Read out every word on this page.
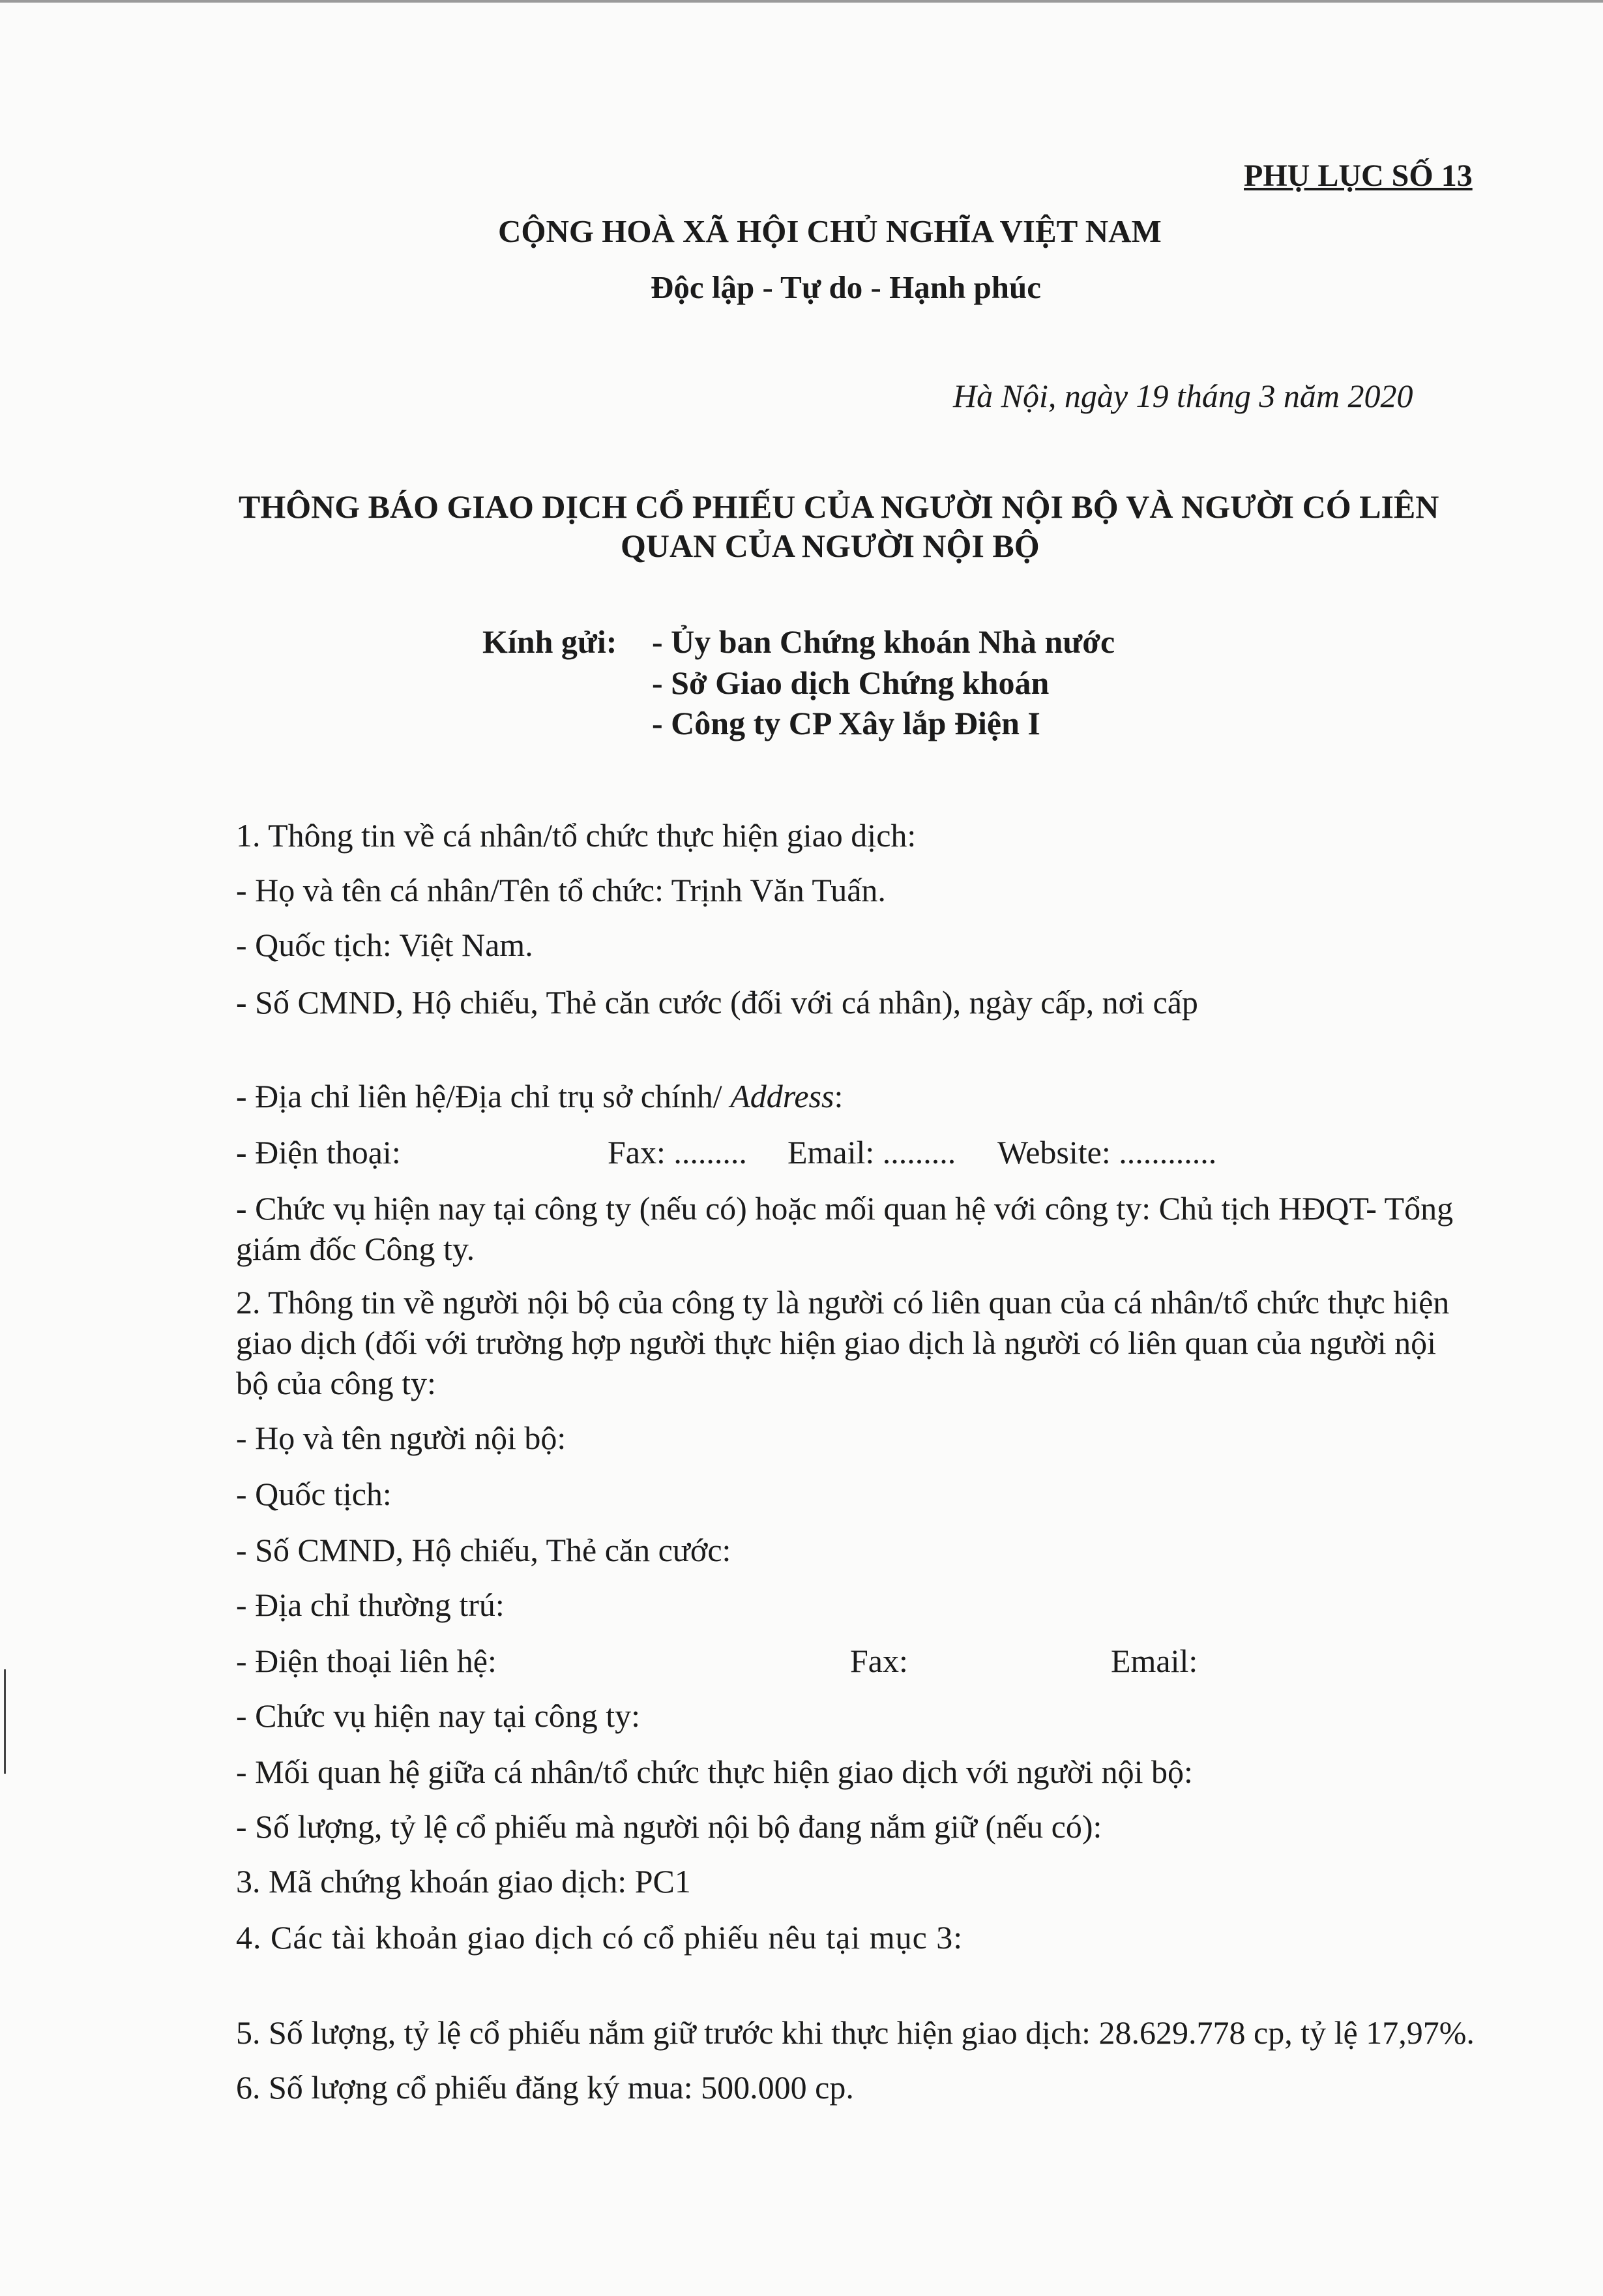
PHỤ LỤC SỐ 13
CỘNG HOÀ XÃ HỘI CHỦ NGHĨA VIỆT NAM
Độc lập - Tự do - Hạnh phúc
Hà Nội, ngày 19 tháng 3 năm 2020
THÔNG BÁO GIAO DỊCH CỔ PHIẾU CỦA NGƯỜI NỘI BỘ VÀ NGƯỜI CÓ LIÊN
QUAN CỦA NGƯỜI NỘI BỘ
Kính gửi: - Ủy ban Chứng khoán Nhà nước
- Sở Giao dịch Chứng khoán
- Công ty CP Xây lắp Điện I
1. Thông tin về cá nhân/tổ chức thực hiện giao dịch:
- Họ và tên cá nhân/Tên tổ chức: Trịnh Văn Tuấn.
- Quốc tịch: Việt Nam.
- Số CMND, Hộ chiếu, Thẻ căn cước (đối với cá nhân), ngày cấp, nơi cấp
- Địa chỉ liên hệ/Địa chỉ trụ sở chính/ Address:
- Điện thoại:	Fax: ......... Email: ......... Website: ............
- Chức vụ hiện nay tại công ty (nếu có) hoặc mối quan hệ với công ty: Chủ tịch HĐQT- Tổng
giám đốc Công ty.
2. Thông tin về người nội bộ của công ty là người có liên quan của cá nhân/tổ chức thực hiện
giao dịch (đối với trường hợp người thực hiện giao dịch là người có liên quan của người nội
bộ của công ty:
- Họ và tên người nội bộ:
- Quốc tịch:
- Số CMND, Hộ chiếu, Thẻ căn cước:
- Địa chỉ thường trú:
- Điện thoại liên hệ:	Fax:	Email:
- Chức vụ hiện nay tại công ty:
- Mối quan hệ giữa cá nhân/tổ chức thực hiện giao dịch với người nội bộ:
- Số lượng, tỷ lệ cổ phiếu mà người nội bộ đang nắm giữ (nếu có):
3. Mã chứng khoán giao dịch: PC1
4. Các tài khoản giao dịch có cổ phiếu nêu tại mục 3:
5. Số lượng, tỷ lệ cổ phiếu nắm giữ trước khi thực hiện giao dịch: 28.629.778 cp, tỷ lệ 17,97%.
6. Số lượng cổ phiếu đăng ký mua: 500.000 cp.
